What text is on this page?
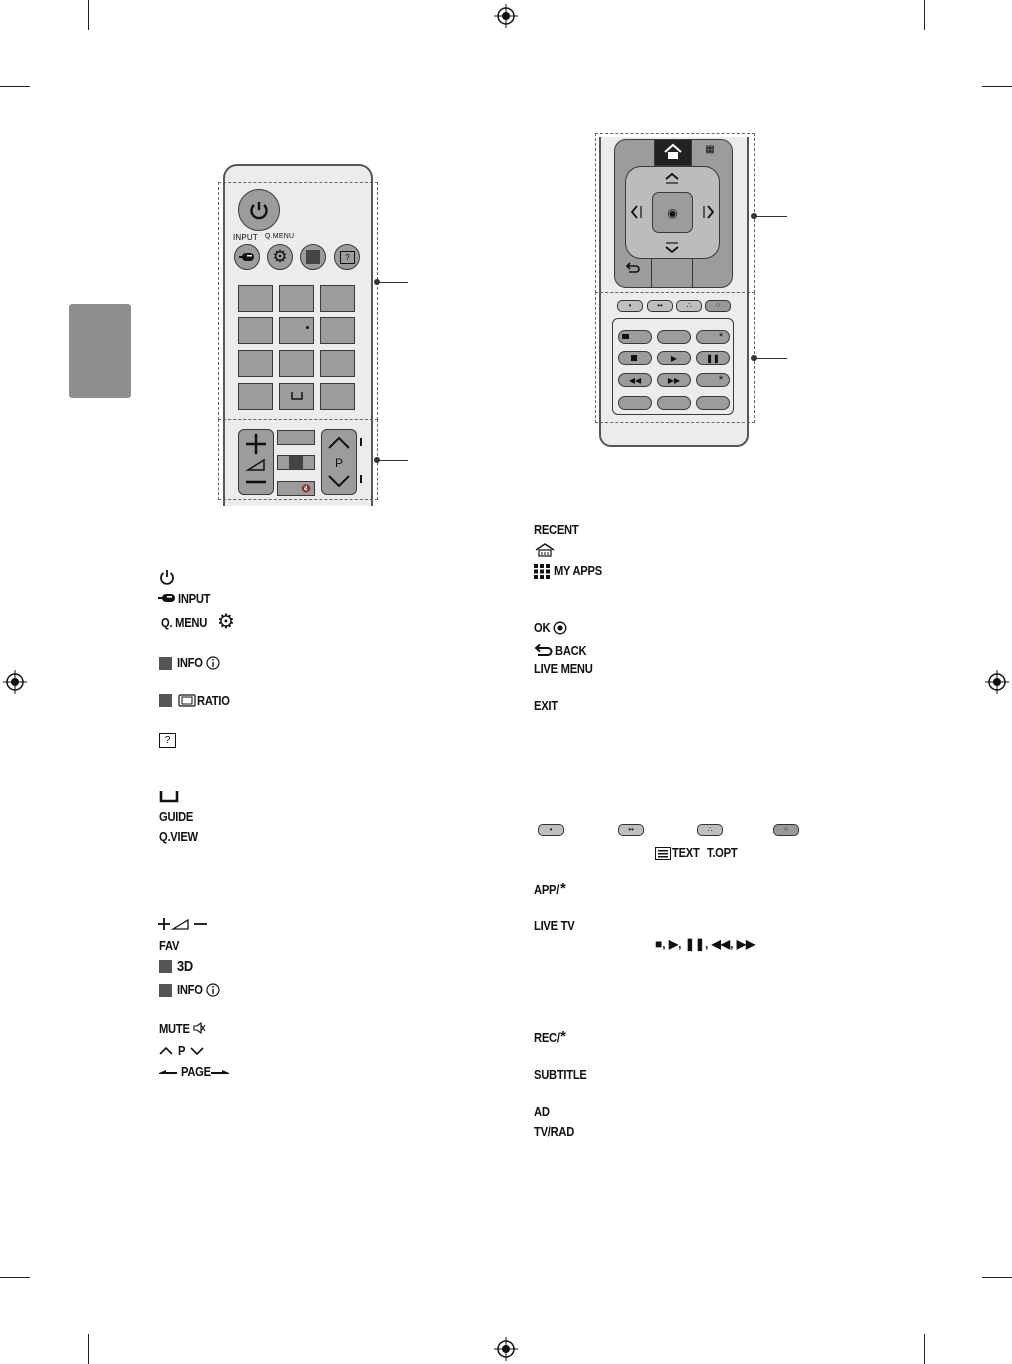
INPUT Q.MENU
⚙	?
🔇
P
▦
◉
•	••	∴	⁘
*
▶	❚❚
◀◀	▶▶	*
INPUT
Q. MENU ⚙
INFO
RATIO
?
GUIDE
Q.VIEW
FAV
3D
INFO
MUTE
P
PAGE
RECENT
MY APPS
OK
BACK
LIVE MENU
EXIT
•	••	∴	⁘
TEXT T.OPT
APP/ *
LIVE TV
■, ▶, ❚❚, ◀◀, ▶▶
REC/ *
SUBTITLE
AD
TV/RAD
